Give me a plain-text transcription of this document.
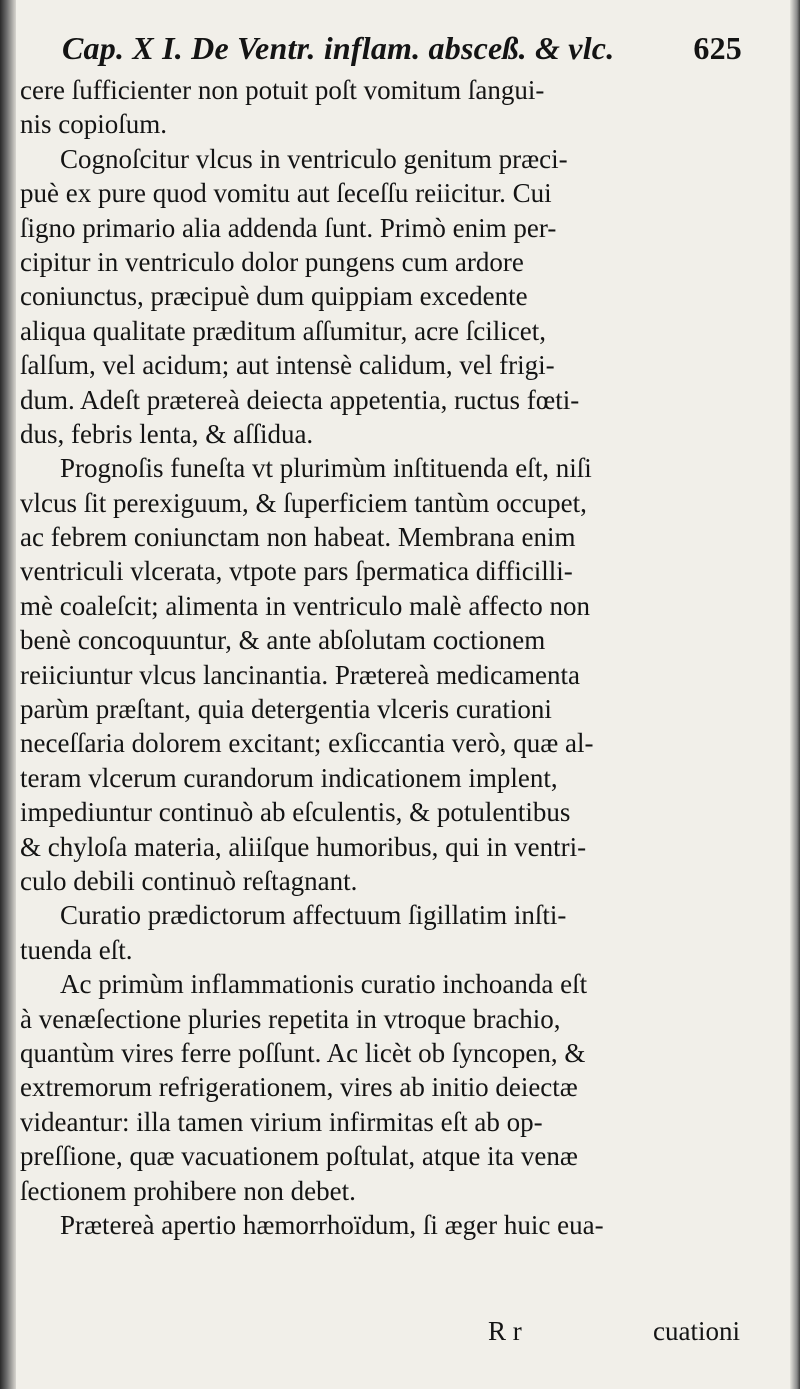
Cap. X I. De Ventr. inflam. absceß. & vlc. 625
cere ſufficienter non potuit poſt vomitum ſangui-
nis copioſum.
Cognoſcitur vlcus in ventriculo genitum præci-
puè ex pure quod vomitu aut ſeceſſu reiicitur. Cui
ſigno primario alia addenda ſunt. Primò enim per-
cipitur in ventriculo dolor pungens cum ardore
coniunctus, præcipuè dum quippiam excedente
aliqua qualitate præditum aſſumitur, acre ſcilicet,
ſalſum, vel acidum; aut intensè calidum, vel frigi-
dum. Adeſt prætereà deiecta appetentia, ructus fœti-
dus, febris lenta, & aſſidua.
Prognoſis funeſta vt plurimùm inſtituenda eſt, niſi
vlcus ſit perexiguum, & ſuperficiem tantùm occupet,
ac febrem coniunctam non habeat. Membrana enim
ventriculi vlcerata, vtpote pars ſpermatica difficilli-
mè coaleſcit; alimenta in ventriculo malè affecto non
benè concoquuntur, & ante abſolutam coctionem
reiiciuntur vlcus lancinantia. Prætereà medicamenta
parùm præſtant, quia detergentia vlceris curationi
neceſſaria dolorem excitant; exſiccantia verò, quæ al-
teram vlcerum curandorum indicationem implent,
impediuntur continuò ab eſculentis, & potulentibus
& chyloſa materia, aliiſque humoribus, qui in ventri-
culo debili continuò reſtagnant.
Curatio prædictorum affectuum ſigillatim inſti-
tuenda eſt.
Ac primùm inflammationis curatio inchoanda eſt
à venæſectione pluries repetita in vtroque brachio,
quantùm vires ferre poſſunt. Ac licèt ob ſyncopen, &
extremorum refrigerationem, vires ab initio deiectæ
videantur: illa tamen virium infirmitas eſt ab op-
preſſione, quæ vacuationem poſtulat, atque ita venæ
ſectionem prohibere non debet.
Prætereà apertio hæmorrhoïdum, ſi æger huic eua-
R r	cuationi
